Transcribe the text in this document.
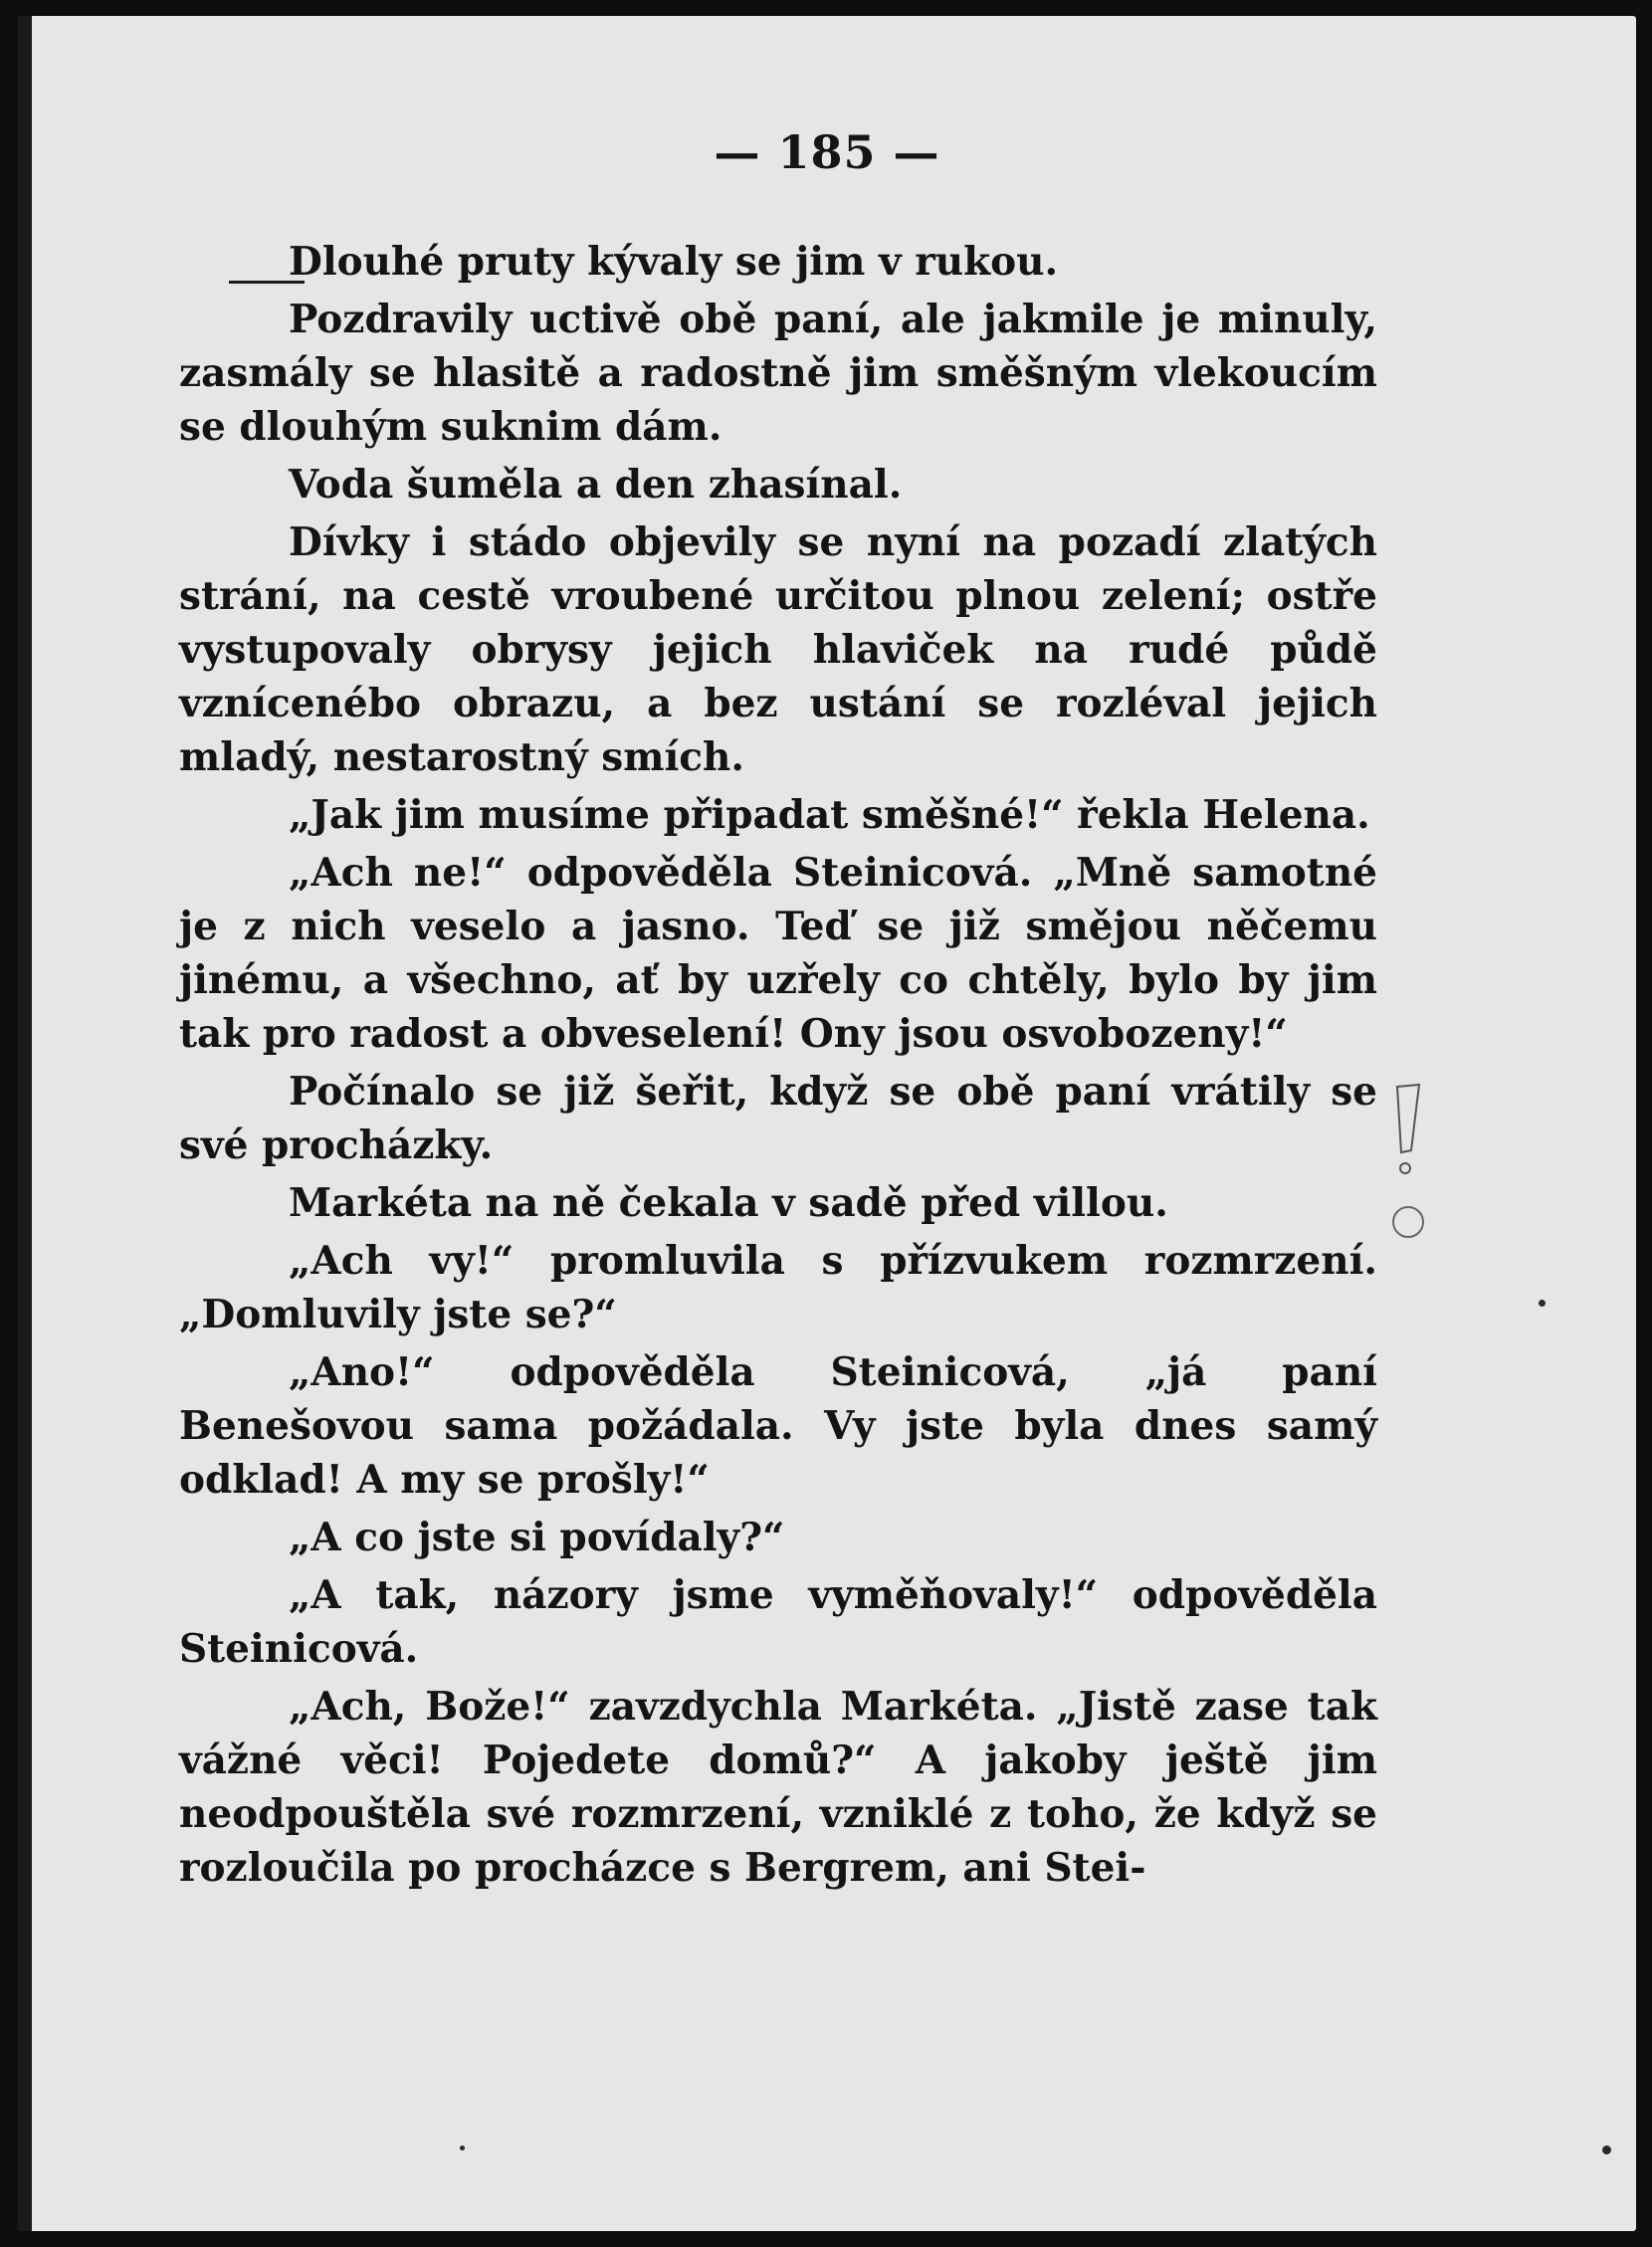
— 185 —

Dlouhé pruty kývaly se jim v rukou.

Pozdravily uctivě obě paní, ale jakmile je minuly, zasmály se hlasitě a radostně jim směšným vlekoucím se dlouhým suknim dám.

Voda šuměla a den zhasínal.

Dívky i stádo objevily se nyní na pozadí zlatých strání, na cestě vroubené určitou plnou zelení; ostře vystupovaly obrysy jejich hlaviček na rudé půdě vznícenébo obrazu, a bez ustání se rozléval jejich mladý, nestarostný smích.

„Jak jim musíme připadat směšné!“ řekla Helena.

„Ach ne!“ odpověděla Steinicová. „Mně samotné je z nich veselo a jasno. Teď se již smějou něčemu jinému, a všechno, ať by uzřely co chtěly, bylo by jim tak pro radost a obveselení! Ony jsou osvobozeny!“

Počínalo se již šeřit, když se obě paní vrátily se své procházky.

Markéta na ně čekala v sadě před villou.

„Ach vy!“ promluvila s přízvukem rozmrzení. „Domluvily jste se?“

„Ano!“ odpověděla Steinicová, „já paní Benešovou sama požádala. Vy jste byla dnes samý odklad! A my se prošly!“

„A co jste si povídaly?“

„A tak, názory jsme vyměňovaly!“ odpověděla Steinicová.

„Ach, Bože!“ zavzdychla Markéta. „Jistě zase tak vážné věci! Pojedete domů?“ A jakoby ještě jim neodpouštěla své rozmrzení, vzniklé z toho, že když se rozloučila po procházce s Bergrem, ani Stei-
